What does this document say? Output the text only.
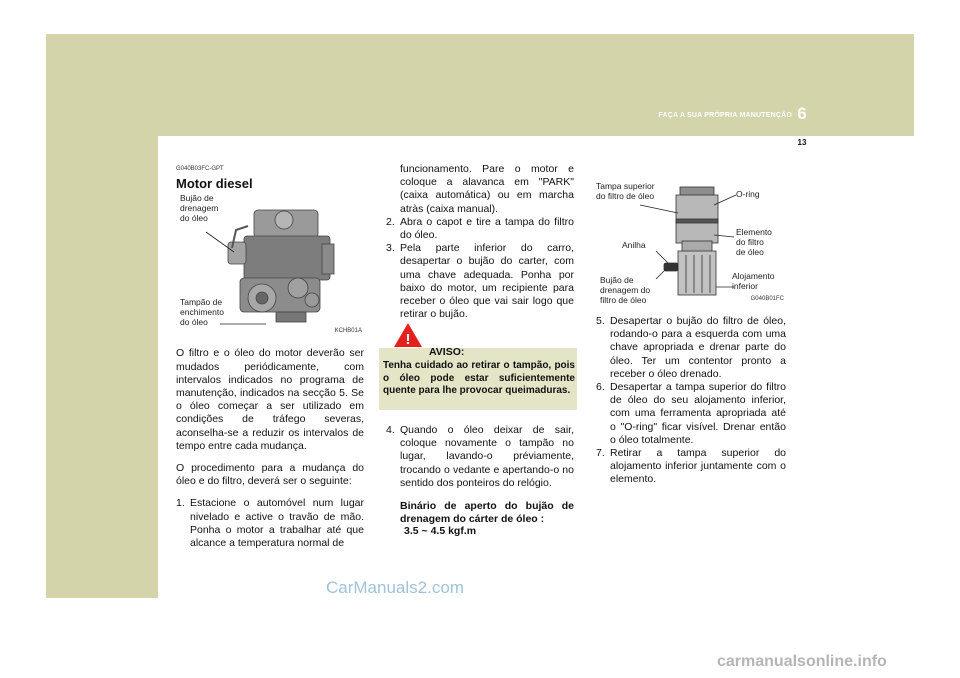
FAÇA A SUA PRÓPRIA MANUTENÇÃO 6
13
G040B03FC-GPT
Motor diesel
Bujão de
drenagem
do óleo
Tampão de
enchimento
do óleo
KCHB01A

O filtro e o óleo do motor deverão ser mudados periódicamente, com intervalos indicados no programa de manutenção, indicados na secção 5. Se o óleo começar a ser utilizado em condições de tráfego severas, aconselha-se a reduzir os intervalos de tempo entre cada mudança.

O procedimento para a mudança do óleo e do filtro, deverá ser o seguinte:

1. Estacione o automóvel num lugar nivelado e active o travão de mão. Ponha o motor a trabalhar até que alcance a temperatura normal de
funcionamento. Pare o motor e coloque a alavanca em "PARK" (caixa automática) ou em marcha atràs (caixa manual).
2. Abra o capot e tire a tampa do filtro do óleo.
3. Pela parte inferior do carro, desapertar o bujão do carter, com uma chave adequada. Ponha por baixo do motor, um recipiente para receber o óleo que vai sair logo que retirar o bujão.
!
AVISO:
Tenha cuidado ao retirar o tampão, pois o óleo pode estar suficientemente quente para lhe provocar queimaduras.
4. Quando o óleo deixar de sair, coloque novamente o tampão no lugar, lavando-o préviamente, trocando o vedante e apertando-o no sentido dos ponteiros do relógio.
Binário de aperto do bujão de drenagem do cárter de óleo :
3.5 ~ 4.5 kgf.m
Tampa superior
do filtro de óleo	O-ring
Elemento
do filtro
de óleo
Anilha
Alojamento
inferior
Bujão de
drenagem do
filtro de óleo	G040B01FC
5. Desapertar o bujão do filtro de óleo, rodando-o para a esquerda com uma chave apropriada e drenar parte do óleo. Ter um contentor pronto a receber o óleo drenado.
6. Desapertar a tampa superior do filtro de óleo do seu alojamento inferior, com uma ferramenta apropriada até o "O-ring" ficar visível. Drenar então o óleo totalmente.
7. Retirar a tampa superior do alojamento inferior juntamente com o elemento.
CarManuals2.com
carmanualsonline.info
